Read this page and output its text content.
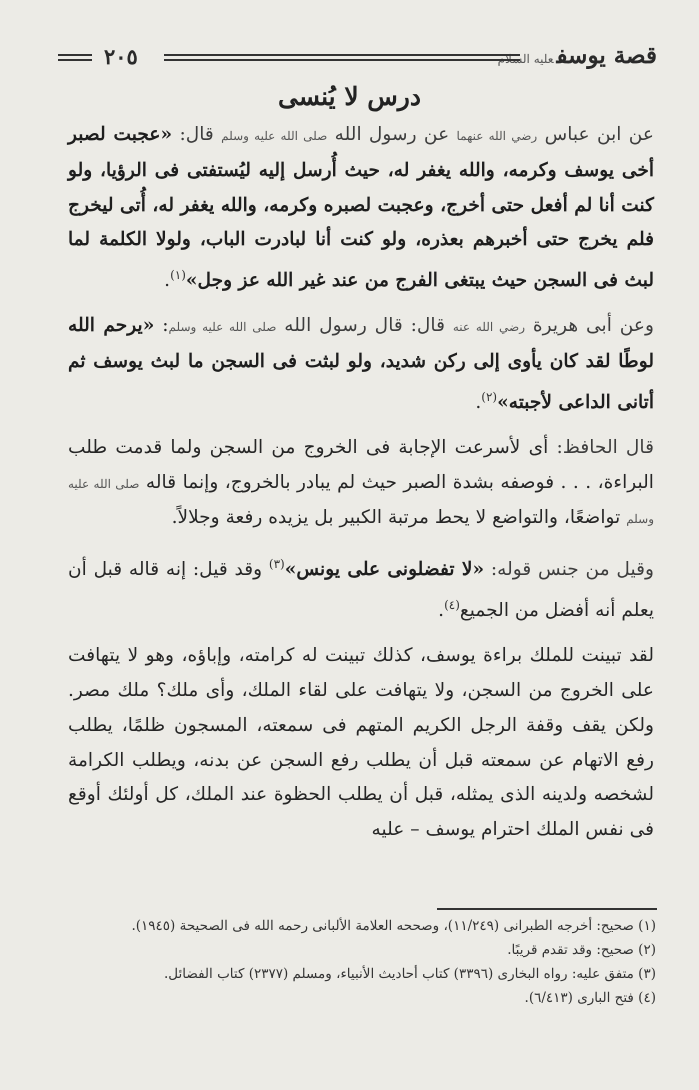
قصة يوسفعليه السلام
٢٠٥
درس لا يُنسى

عن ابن عباس رضي الله عنهما عن رسول الله صلى الله عليه وسلم قال: «عجبت لصبر أخى يوسف وكرمه، والله يغفر له، حيث أُرسل إليه ليُستفتى فى الرؤيا، ولو كنت أنا لم أفعل حتى أخرج، وعجبت لصبره وكرمه، والله يغفر له، أُتى ليخرج فلم يخرج حتى أخبرهم بعذره، ولو كنت أنا لبادرت الباب، ولولا الكلمة لما لبث فى السجن حيث يبتغى الفرج من عند غير الله عز وجل»$^{(١)}$.

وعن أبى هريرة رضي الله عنه قال: قال رسول الله صلى الله عليه وسلم: «يرحم الله لوطًا لقد كان يأوى إلى ركن شديد، ولو لبثت فى السجن ما لبث يوسف ثم أتانى الداعى لأجبته»$^{(٢)}$.

قال الحافظ: أى لأسرعت الإجابة فى الخروج من السجن ولما قدمت طلب البراءة، . . . فوصفه بشدة الصبر حيث لم يبادر بالخروج، وإنما قاله صلى الله عليه وسلم تواضعًا، والتواضع لا يحط مرتبة الكبير بل يزيده رفعة وجلالاً.

وقيل من جنس قوله: «لا تفضلونى على يونس»$^{(٣)}$ وقد قيل: إنه قاله قبل أن يعلم أنه أفضل من الجميع$^{(٤)}$.

لقد تبينت للملك براءة يوسف، كذلك تبينت له كرامته، وإباؤه، وهو لا يتهافت على الخروج من السجن، ولا يتهافت على لقاء الملك، وأى ملك؟ ملك مصر. ولكن يقف وقفة الرجل الكريم المتهم فى سمعته، المسجون ظلمًا، يطلب رفع الاتهام عن سمعته قبل أن يطلب رفع السجن عن بدنه، ويطلب الكرامة لشخصه ولدينه الذى يمثله، قبل أن يطلب الحظوة عند الملك، كل أولئك أوقع فى نفس الملك احترام يوسف – عليه

(١) صحيح: أخرجه الطبرانى (١١/٢٤٩)، وصححه العلامة الألبانى رحمه الله فى الصحيحة (١٩٤٥).
(٢) صحيح: وقد تقدم قريبًا.
(٣) متفق عليه: رواه البخارى (٣٣٩٦) كتاب أحاديث الأنبياء، ومسلم (٢٣٧٧) كتاب الفضائل.
(٤) فتح البارى (٦/٤١٣).
